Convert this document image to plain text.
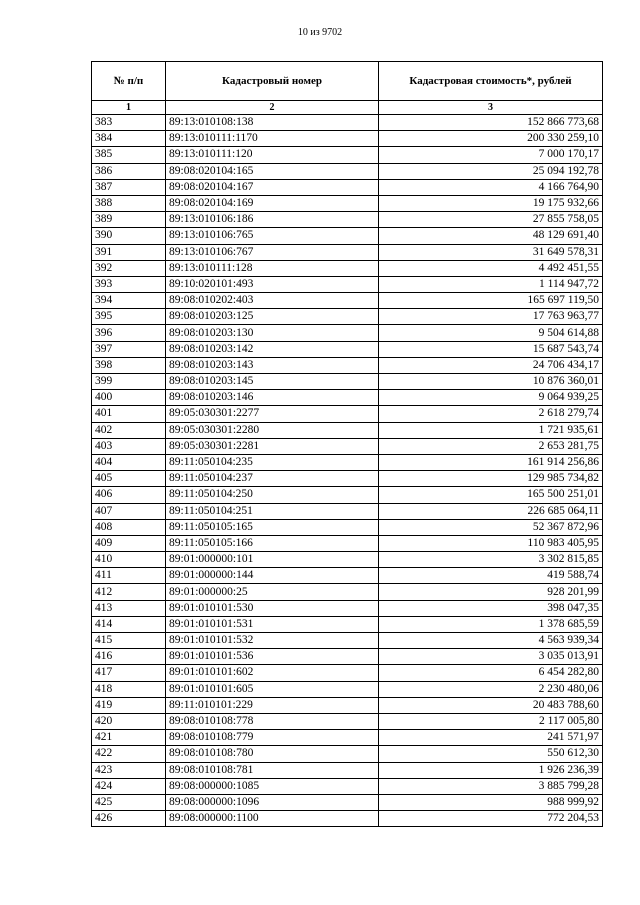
10 из 9702
№ п/п	Кадастровый номер	Кадастровая стоимость*, рублей
1	2	3
383	89:13:010108:138	152 866 773,68
384	89:13:010111:1170	200 330 259,10
385	89:13:010111:120	7 000 170,17
386	89:08:020104:165	25 094 192,78
387	89:08:020104:167	4 166 764,90
388	89:08:020104:169	19 175 932,66
389	89:13:010106:186	27 855 758,05
390	89:13:010106:765	48 129 691,40
391	89:13:010106:767	31 649 578,31
392	89:13:010111:128	4 492 451,55
393	89:10:020101:493	1 114 947,72
394	89:08:010202:403	165 697 119,50
395	89:08:010203:125	17 763 963,77
396	89:08:010203:130	9 504 614,88
397	89:08:010203:142	15 687 543,74
398	89:08:010203:143	24 706 434,17
399	89:08:010203:145	10 876 360,01
400	89:08:010203:146	9 064 939,25
401	89:05:030301:2277	2 618 279,74
402	89:05:030301:2280	1 721 935,61
403	89:05:030301:2281	2 653 281,75
404	89:11:050104:235	161 914 256,86
405	89:11:050104:237	129 985 734,82
406	89:11:050104:250	165 500 251,01
407	89:11:050104:251	226 685 064,11
408	89:11:050105:165	52 367 872,96
409	89:11:050105:166	110 983 405,95
410	89:01:000000:101	3 302 815,85
411	89:01:000000:144	419 588,74
412	89:01:000000:25	928 201,99
413	89:01:010101:530	398 047,35
414	89:01:010101:531	1 378 685,59
415	89:01:010101:532	4 563 939,34
416	89:01:010101:536	3 035 013,91
417	89:01:010101:602	6 454 282,80
418	89:01:010101:605	2 230 480,06
419	89:11:010101:229	20 483 788,60
420	89:08:010108:778	2 117 005,80
421	89:08:010108:779	241 571,97
422	89:08:010108:780	550 612,30
423	89:08:010108:781	1 926 236,39
424	89:08:000000:1085	3 885 799,28
425	89:08:000000:1096	988 999,92
426	89:08:000000:1100	772 204,53
